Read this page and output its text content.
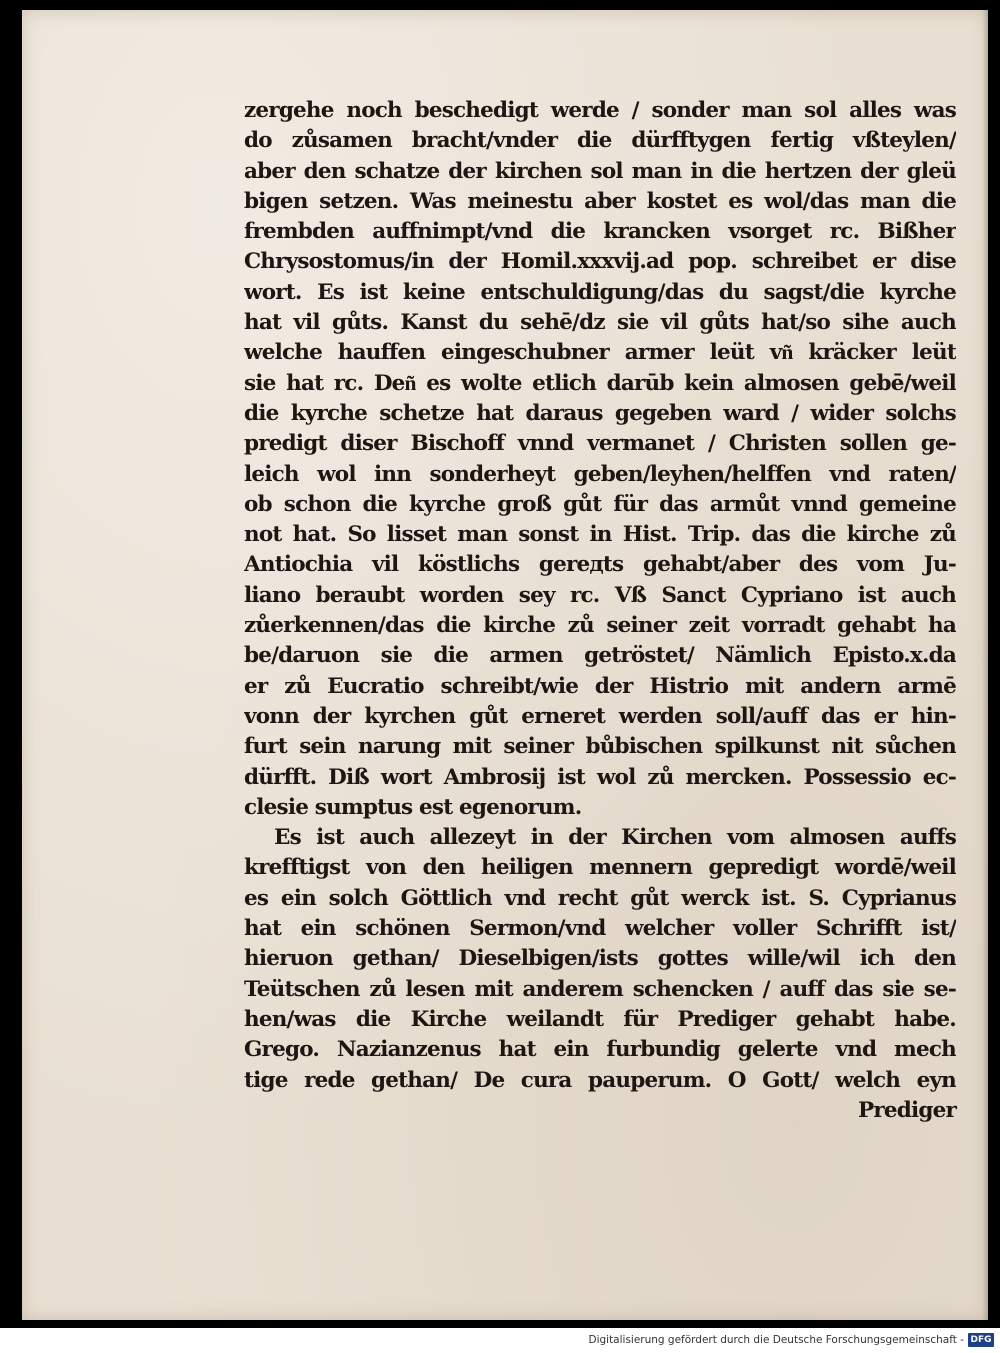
zergehe noch beschedigt werde / sonder man sol alles was
do zůsamen bracht/vnder die dürfftygen fertig vßteylen/
aber den schatze der kirchen sol man in die hertzen der gleü
bigen setzen. Was meinestu aber kostet es wol/das man die
frembden auffnimpt/vnd die krancken vsorget rc. Bißher
Chrysostomus/in der Homil.xxxvij.ad pop. schreibet er dise
wort. Es ist keine entschuldigung/das du sagst/die kyrche
hat vil gůts. Kanst du sehē/dz sie vil gůts hat/so sihe auch
welche hauffen eingeschubner armer leüt vn͂ kräcker leüt
sie hat rc. Den͂ es wolte etlich darūb kein almosen gebē/weil
die kyrche schetze hat daraus gegeben ward / wider solchs
predigt diser Bischoff vnnd vermanet / Christen sollen ge-
leich wol inn sonderheyt geben/leyhen/helffen vnd raten/
ob schon die kyrche groß gůt für das armůt vnnd gemeine
not hat. So lisset man sonst in Hist. Trip. das die kirche zů
Antiochia vil köstlichs gerедts gehabt/aber des vom Ju-
liano beraubt worden sey rc. Vß Sanct Cypriano ist auch
zůerkennen/das die kirche zů seiner zeit vorradt gehabt ha
be/daruon sie die armen getröstet/ Nämlich Episto.x.da
er zů Eucratio schreibt/wie der Histrio mit andern armē
vonn der kyrchen gůt erneret werden soll/auff das er hin-
furt sein narung mit seiner bůbischen spilkunst nit sůchen
dürfft. Diß wort Ambrosij ist wol zů mercken. Possessio ec-
clesie sumptus est egenorum.
Es ist auch allezeyt in der Kirchen vom almosen auffs
krefftigst von den heiligen mennern gepredigt wordē/weil
es ein solch Göttlich vnd recht gůt werck ist. S. Cyprianus
hat ein schönen Sermon/vnd welcher voller Schrifft ist/
hieruon gethan/ Dieselbigen/ists gottes wille/wil ich den
Teütschen zů lesen mit anderem schencken / auff das sie se-
hen/was die Kirche weilandt für Prediger gehabt habe.
Grego. Nazianzenus hat ein furbundig gelerte vnd mech
tige rede gethan/ De cura pauperum. O Gott/ welch eyn
Prediger
Digitalisierung gefördert durch die Deutsche Forschungsgemeinschaft - DFG
